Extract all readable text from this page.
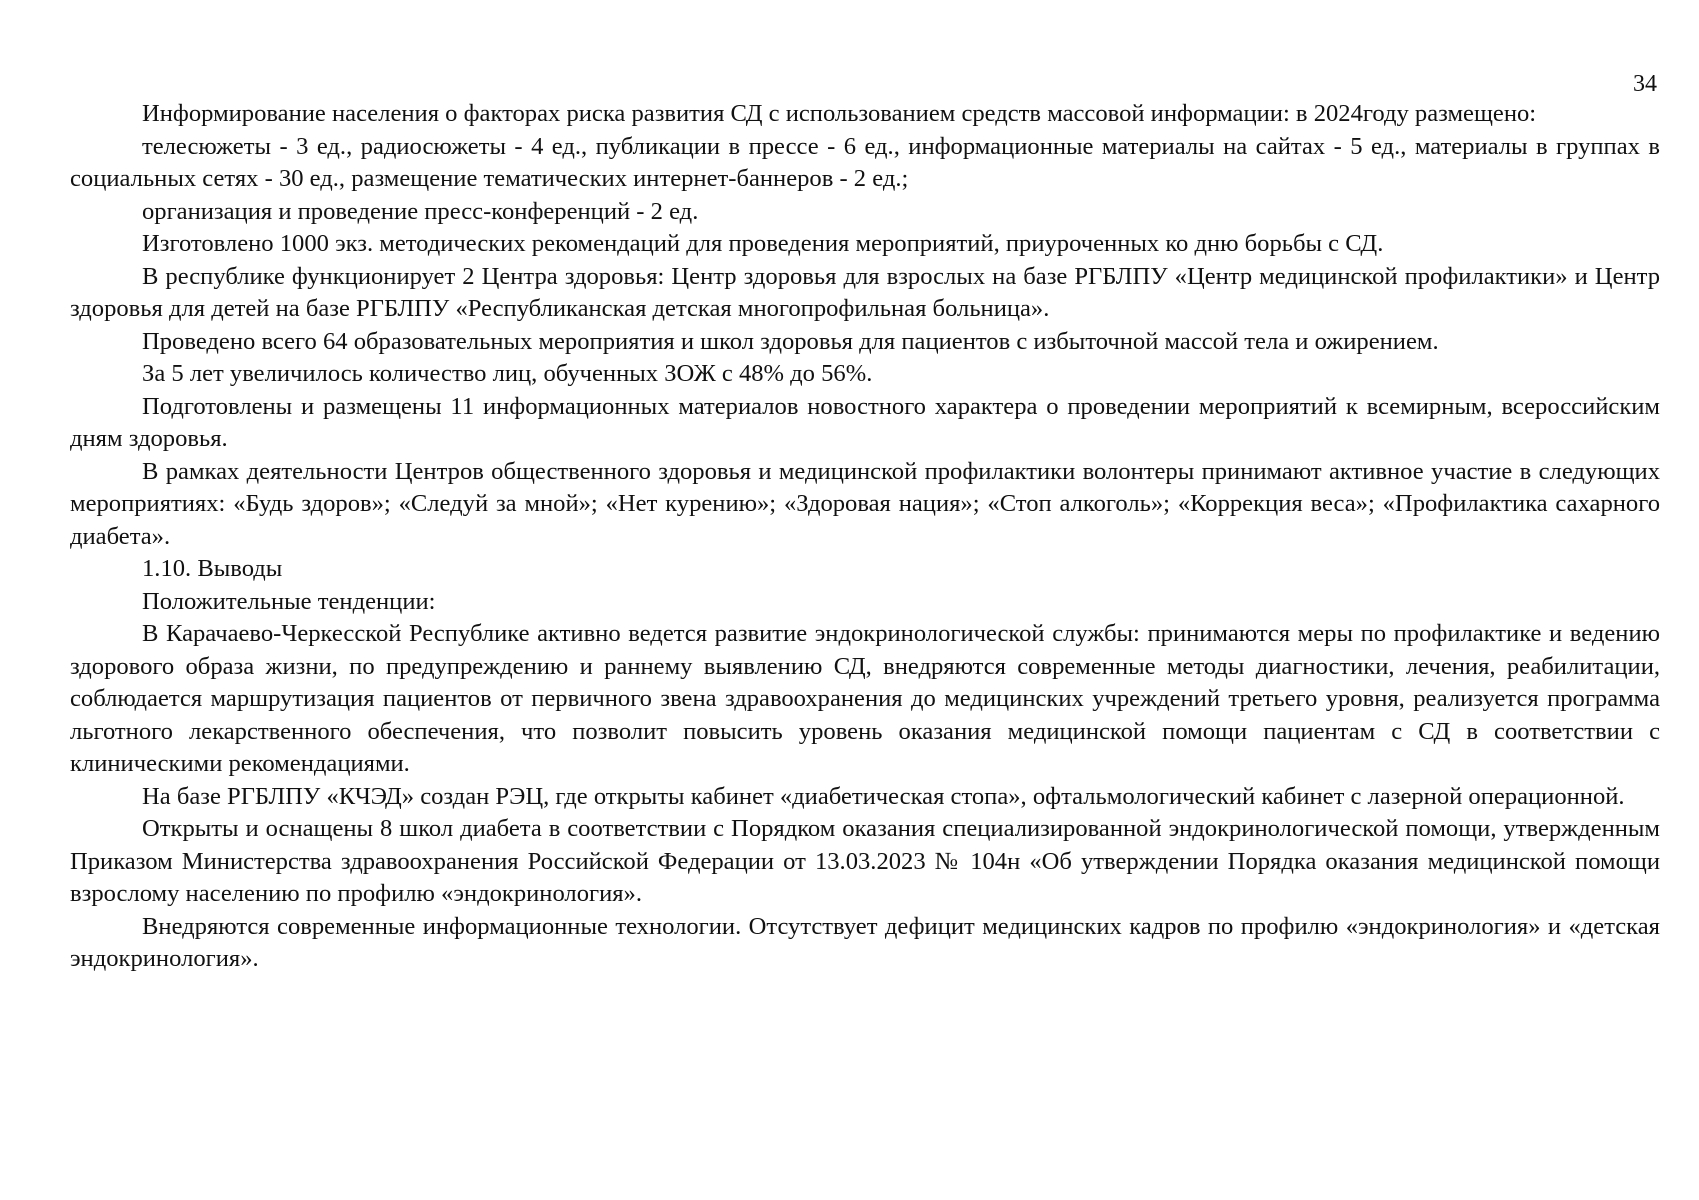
34

Информирование населения о факторах риска развития СД с использованием средств массовой информации: в 2024году размещено:

телесюжеты - 3 ед., радиосюжеты - 4 ед., публикации в прессе - 6 ед., информационные материалы на сайтах - 5 ед., материалы в группах в социальных сетях - 30 ед., размещение тематических интернет-баннеров - 2 ед.;

организация и проведение пресс-конференций - 2 ед.

Изготовлено 1000 экз. методических рекомендаций для проведения мероприятий, приуроченных ко дню борьбы с СД.

В республике функционирует 2 Центра здоровья: Центр здоровья для взрослых на базе РГБЛПУ «Центр медицинской профилактики» и Центр здоровья для детей на базе РГБЛПУ «Республиканская детская многопрофильная больница».

Проведено всего 64 образовательных мероприятия и школ здоровья для пациентов с избыточной массой тела и ожирением.

За 5 лет увеличилось количество лиц, обученных ЗОЖ с 48% до 56%.

Подготовлены и размещены 11 информационных материалов новостного характера о проведении мероприятий к всемирным, всероссийским дням здоровья.

В рамках деятельности Центров общественного здоровья и медицинской профилактики волонтеры принимают активное участие в следующих мероприятиях: «Будь здоров»; «Следуй за мной»; «Нет курению»; «Здоровая нация»; «Стоп алкоголь»; «Коррекция веса»; «Профилактика сахарного диабета».

1.10. Выводы

Положительные тенденции:

В Карачаево-Черкесской Республике активно ведется развитие эндокринологической службы: принимаются меры по профилактике и ведению здорового образа жизни, по предупреждению и раннему выявлению СД, внедряются современные методы диагностики, лечения, реабилитации, соблюдается маршрутизация пациентов от первичного звена здравоохранения до медицинских учреждений третьего уровня, реализуется программа льготного лекарственного обеспечения, что позволит повысить уровень оказания медицинской помощи пациентам с СД в соответствии с клиническими рекомендациями.

На базе РГБЛПУ «КЧЭД» создан РЭЦ, где открыты кабинет «диабетическая стопа», офтальмологический кабинет с лазерной операционной.

Открыты и оснащены 8 школ диабета в соответствии с Порядком оказания специализированной эндокринологической помощи, утвержденным Приказом Министерства здравоохранения Российской Федерации от 13.03.2023 № 104н «Об утверждении Порядка оказания медицинской помощи взрослому населению по профилю «эндокринология».

Внедряются современные информационные технологии. Отсутствует дефицит медицинских кадров по профилю «эндокринология» и «детская эндокринология».
